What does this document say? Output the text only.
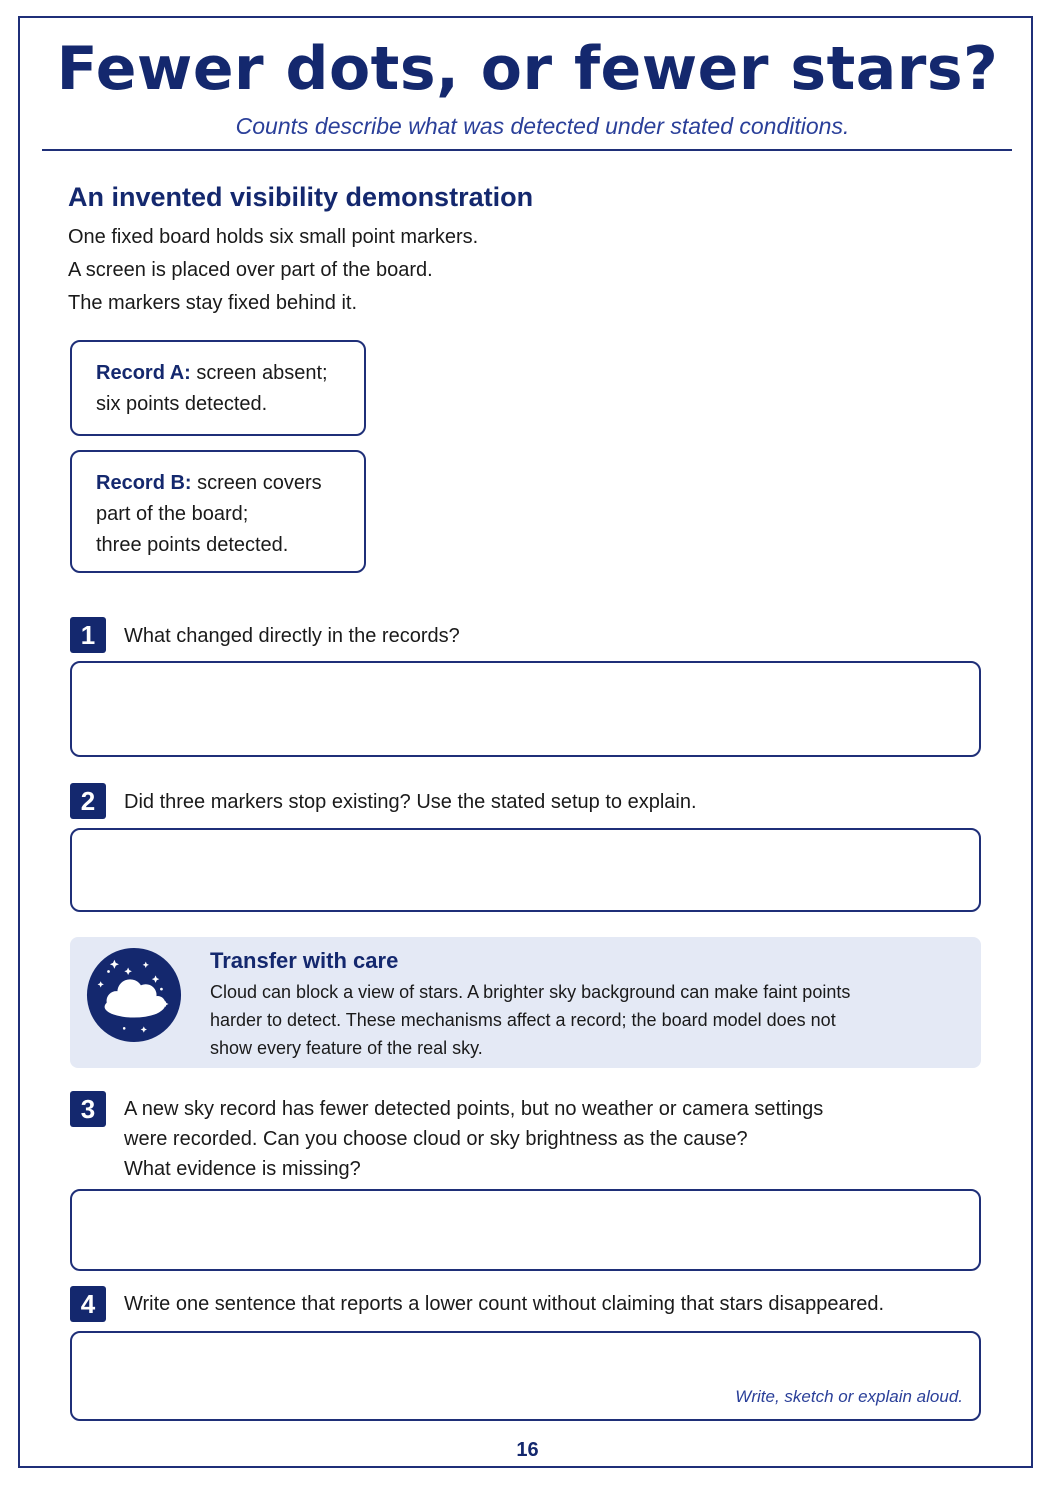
Fewer dots, or fewer stars?
Counts describe what was detected under stated conditions.
An invented visibility demonstration
One fixed board holds six small point markers.
A screen is placed over part of the board.
The markers stay fixed behind it.
Record A: screen absent;
six points detected.
Record B: screen covers
part of the board;
three points detected.
1	What changed directly in the records?
2	Did three markers stop existing? Use the stated setup to explain.
Transfer with care
Cloud can block a view of stars. A brighter sky background can make faint points
harder to detect. These mechanisms affect a record; the board model does not
show every feature of the real sky.
3	A new sky record has fewer detected points, but no weather or camera settings
were recorded. Can you choose cloud or sky brightness as the cause?
What evidence is missing?
4	Write one sentence that reports a lower count without claiming that stars disappeared.
Write, sketch or explain aloud.
16
